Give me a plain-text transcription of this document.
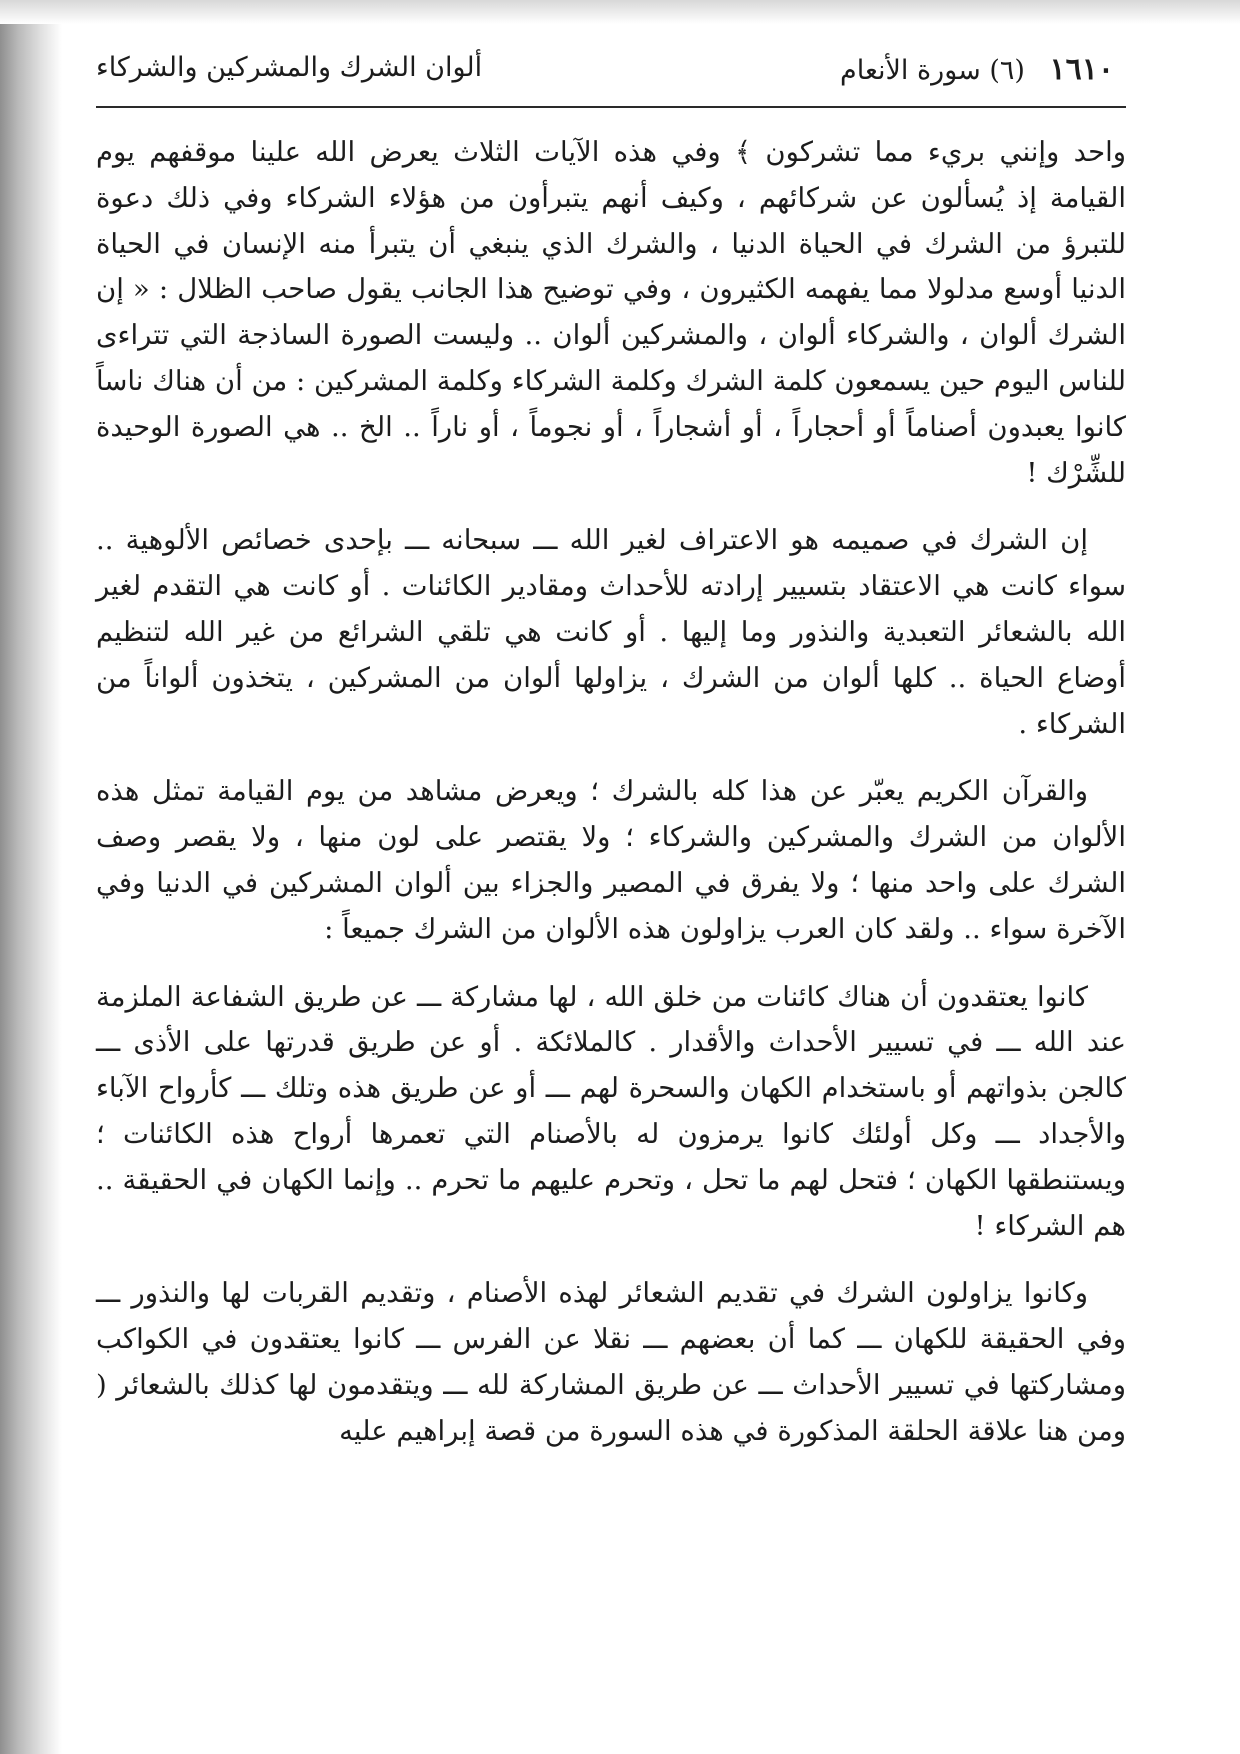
١٦١٠ (٦) سورة الأنعام
ألوان الشرك والمشركين والشركاء

واحد وإنني بريء مما تشركون ﴾ وفي هذه الآيات الثلاث يعرض الله علينا موقفهم يوم القيامة إذ يُسألون عن شركائهم ، وكيف أنهم يتبرأون من هؤلاء الشركاء وفي ذلك دعوة للتبرؤ من الشرك في الحياة الدنيا ، والشرك الذي ينبغي أن يتبرأ منه الإنسان في الحياة الدنيا أوسع مدلولا مما يفهمه الكثيرون ، وفي توضيح هذا الجانب يقول صاحب الظلال : « إن الشرك ألوان ، والشركاء ألوان ، والمشركين ألوان .. وليست الصورة الساذجة التي تتراءى للناس اليوم حين يسمعون كلمة الشرك وكلمة الشركاء وكلمة المشركين : من أن هناك ناساً كانوا يعبدون أصناماً أو أحجاراً ، أو أشجاراً ، أو نجوماً ، أو ناراً .. الخ .. هي الصورة الوحيدة للشِّرْك !

إن الشرك في صميمه هو الاعتراف لغير الله ـــ سبحانه ـــ بإحدى خصائص الألوهية .. سواء كانت هي الاعتقاد بتسيير إرادته للأحداث ومقادير الكائنات . أو كانت هي التقدم لغير الله بالشعائر التعبدية والنذور وما إليها . أو كانت هي تلقي الشرائع من غير الله لتنظيم أوضاع الحياة .. كلها ألوان من الشرك ، يزاولها ألوان من المشركين ، يتخذون ألواناً من الشركاء .

والقرآن الكريم يعبّر عن هذا كله بالشرك ؛ ويعرض مشاهد من يوم القيامة تمثل هذه الألوان من الشرك والمشركين والشركاء ؛ ولا يقتصر على لون منها ، ولا يقصر وصف الشرك على واحد منها ؛ ولا يفرق في المصير والجزاء بين ألوان المشركين في الدنيا وفي الآخرة سواء .. ولقد كان العرب يزاولون هذه الألوان من الشرك جميعاً :

كانوا يعتقدون أن هناك كائنات من خلق الله ، لها مشاركة ـــ عن طريق الشفاعة الملزمة عند الله ـــ في تسيير الأحداث والأقدار . كالملائكة . أو عن طريق قدرتها على الأذى ـــ كالجن بذواتهم أو باستخدام الكهان والسحرة لهم ـــ أو عن طريق هذه وتلك ـــ كأرواح الآباء والأجداد ـــ وكل أولئك كانوا يرمزون له بالأصنام التي تعمرها أرواح هذه الكائنات ؛ ويستنطقها الكهان ؛ فتحل لهم ما تحل ، وتحرم عليهم ما تحرم .. وإنما الكهان في الحقيقة .. هم الشركاء !

وكانوا يزاولون الشرك في تقديم الشعائر لهذه الأصنام ، وتقديم القربات لها والنذور ـــ وفي الحقيقة للكهان ـــ كما أن بعضهم ـــ نقلا عن الفرس ـــ كانوا يعتقدون في الكواكب ومشاركتها في تسيير الأحداث ـــ عن طريق المشاركة لله ـــ ويتقدمون لها كذلك بالشعائر ( ومن هنا علاقة الحلقة المذكورة في هذه السورة من قصة إبراهيم عليه
